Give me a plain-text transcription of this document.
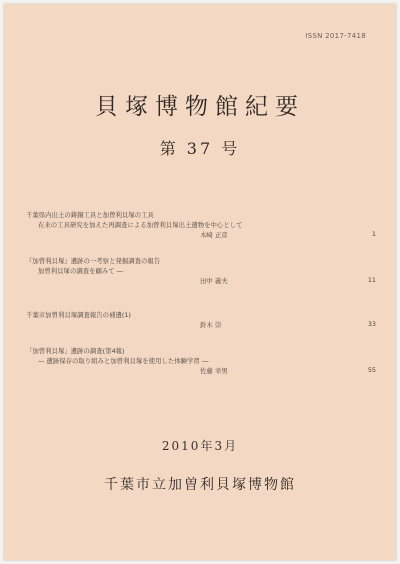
ISSN 2017-7418
貝塚博物館紀要
第 37 号
千葉県内出土の鋳銅工具と加曽利貝塚の工具
在来の工具研究を加えた再調査による加曽利貝塚出土遺物を中心として
木﨑 正彦	1
『加曽利貝塚』遺跡の一考察と発掘調査の報告
加曽利貝塚の調査を顧みて ―
田中 義夫	11
千葉市加曽利貝塚調査報告の補遺(1)
鈴木 崇	33
「加曽利貝塚」遺跡の調査(第4報)
― 遺跡保存の取り組みと加曽利貝塚を使用した体験学習 ―
佐藤 幸男	55
2010年3月
千葉市立加曽利貝塚博物館
